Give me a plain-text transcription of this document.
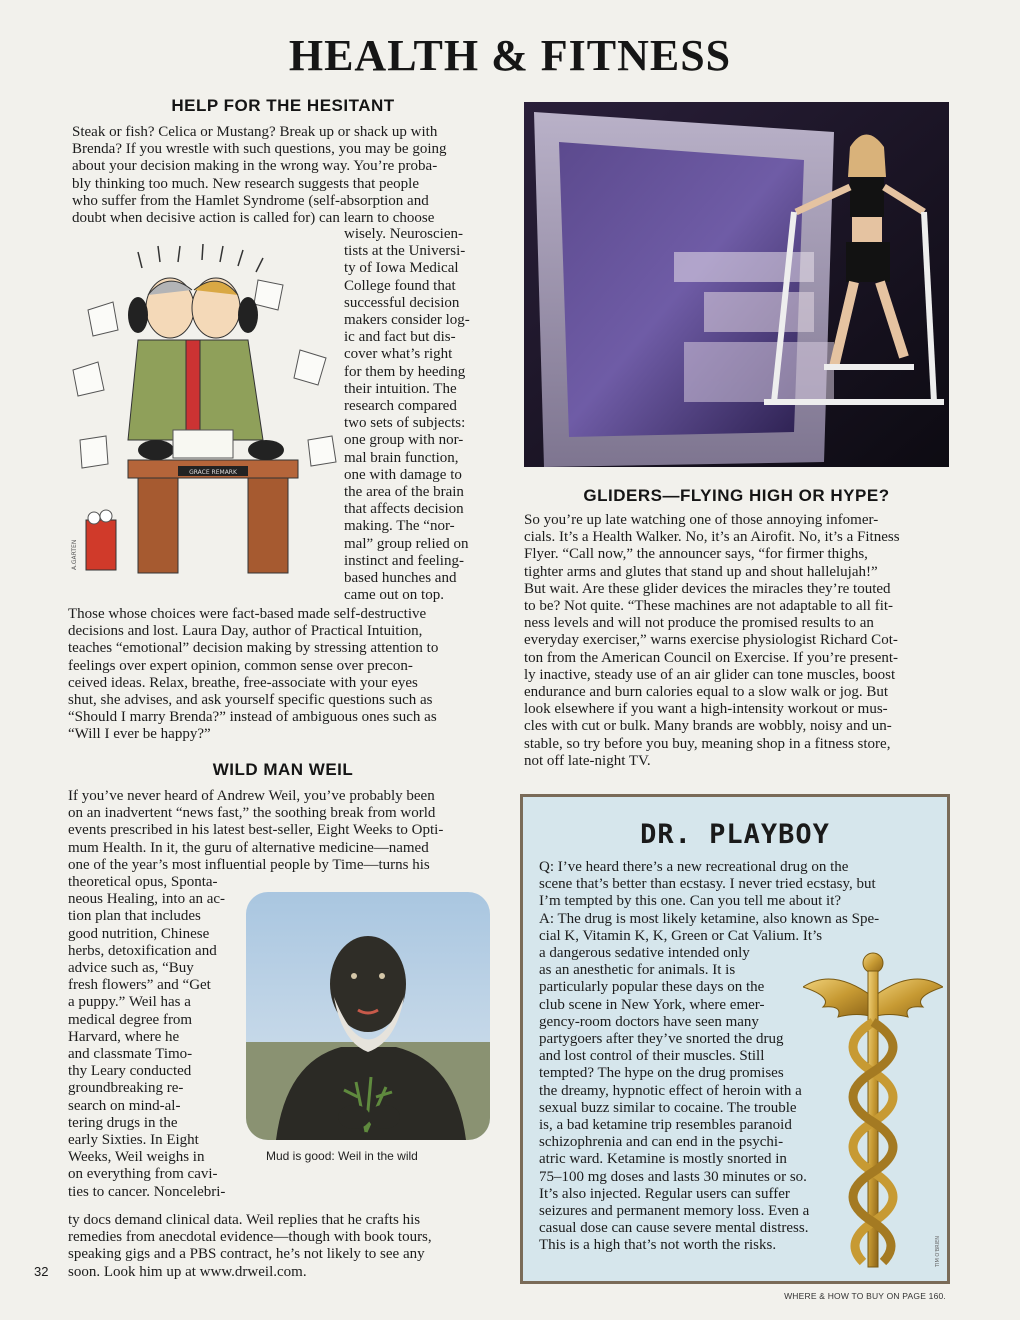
HEALTH & FITNESS
HELP FOR THE HESITANT

Steak or fish? Celica or Mustang? Break up or shack up with

Brenda? If you wrestle with such questions, you may be going

about your decision making in the wrong way. You’re proba-

bly thinking too much. New research suggests that people

who suffer from the Hamlet Syndrome (self-absorption and

doubt when decisive action is called for) can learn to choose

GRACE REMARK
A.GARTEN

wisely. Neuroscien-

tists at the Universi-

ty of Iowa Medical

College found that

successful decision

makers consider log-

ic and fact but dis-

cover what’s right

for them by heeding

their intuition. The

research compared

two sets of subjects:

one group with nor-

mal brain function,

one with damage to

the area of the brain

that affects decision

making. The “nor-

mal” group relied on

instinct and feeling-

based hunches and

came out on top.

Those whose choices were fact-based made self-destructive

decisions and lost. Laura Day, author of Practical Intuition,

teaches “emotional” decision making by stressing attention to

feelings over expert opinion, common sense over precon-

ceived ideas. Relax, breathe, free-associate with your eyes

shut, she advises, and ask yourself specific questions such as

“Should I marry Brenda?” instead of ambiguous ones such as

“Will I ever be happy?”

GLIDERS—FLYING HIGH OR HYPE?

So you’re up late watching one of those annoying infomer-

cials. It’s a Health Walker. No, it’s an Airofit. No, it’s a Fitness

Flyer. “Call now,” the announcer says, “for firmer thighs,

tighter arms and glutes that stand up and shout hallelujah!”

But wait. Are these glider devices the miracles they’re touted

to be? Not quite. “These machines are not adaptable to all fit-

ness levels and will not produce the promised results to an

everyday exerciser,” warns exercise physiologist Richard Cot-

ton from the American Council on Exercise. If you’re present-

ly inactive, steady use of an air glider can tone muscles, boost

endurance and burn calories equal to a slow walk or jog. But

look elsewhere if you want a high-intensity workout or mus-

cles with cut or bulk. Many brands are wobbly, noisy and un-

stable, so try before you buy, meaning shop in a fitness store,

not off late-night TV.

WILD MAN WEIL

If you’ve never heard of Andrew Weil, you’ve probably been

on an inadvertent “news fast,” the soothing break from world

events prescribed in his latest best-seller, Eight Weeks to Opti-

mum Health. In it, the guru of alternative medicine—named

one of the year’s most influential people by Time—turns his

theoretical opus, Sponta-

neous Healing, into an ac-

tion plan that includes

good nutrition, Chinese

herbs, detoxification and

advice such as, “Buy

fresh flowers” and “Get

a puppy.” Weil has a

medical degree from

Harvard, where he

and classmate Timo-

thy Leary conducted

groundbreaking re-

search on mind-al-

tering drugs in the

early Sixties. In Eight

Weeks, Weil weighs in

on everything from cavi-

ties to cancer. Noncelebri-

Mud is good: Weil in the wild

ty docs demand clinical data. Weil replies that he crafts his

remedies from anecdotal evidence—though with book tours,

speaking gigs and a PBS contract, he’s not likely to see any

soon. Look him up at www.drweil.com.

32
DR. PLAYBOY

Q: I’ve heard there’s a new recreational drug on the

scene that’s better than ecstasy. I never tried ecstasy, but

I’m tempted by this one. Can you tell me about it?

A: The drug is most likely ketamine, also known as Spe-

cial K, Vitamin K, K, Green or Cat Valium. It’s

a dangerous sedative intended only

as an anesthetic for animals. It is

particularly popular these days on the

club scene in New York, where emer-

gency-room doctors have seen many

partygoers after they’ve snorted the drug

and lost control of their muscles. Still

tempted? The hype on the drug promises

the dreamy, hypnotic effect of heroin with a

sexual buzz similar to cocaine. The trouble

is, a bad ketamine trip resembles paranoid

schizophrenia and can end in the psychi-

atric ward. Ketamine is mostly snorted in

75–100 mg doses and lasts 30 minutes or so.

It’s also injected. Regular users can suffer

seizures and permanent memory loss. Even a

casual dose can cause severe mental distress.

This is a high that’s not worth the risks.	TIM O'BRIEN
WHERE & HOW TO BUY ON PAGE 160.
